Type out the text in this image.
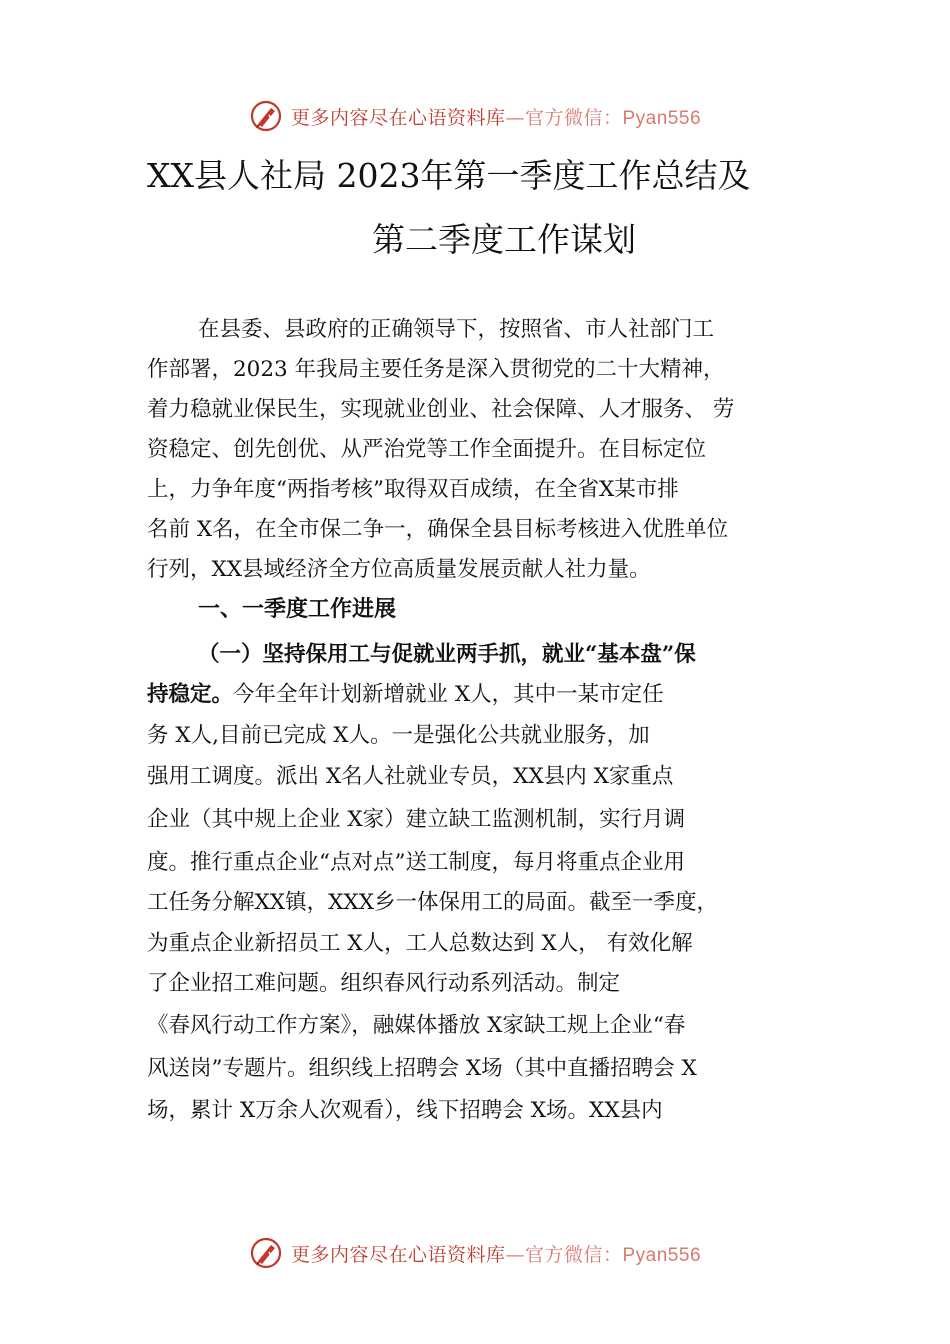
更多内容尽在心语资料库—官方微信：Pyan556
XX县人社局 2023年第一季度工作总结及
第二季度工作谋划
在县委、县政府的正确领导下，按照省、市人社部门工
作部署，2023 年我局主要任务是深入贯彻党的二十大精神，
着力稳就业保民生，实现就业创业、社会保障、人才服务、 劳
资稳定、创先创优、从严治党等工作全面提升。在目标定位
上，力争年度“两指考核”取得双百成绩，在全省X某市排
名前 X名，在全市保二争一，确保全县目标考核进入优胜单位
行列，XX县域经济全方位高质量发展贡献人社力量。
一、一季度工作进展
（一）坚持保用工与促就业两手抓，就业“基本盘”保
持稳定。今年全年计划新增就业 X人，其中一某市定任
务 X人,目前已完成 X人。一是强化公共就业服务，加
强用工调度。派出 X名人社就业专员，XX县内 X家重点
企业（其中规上企业 X家）建立缺工监测机制，实行月调
度。推行重点企业“点对点”送工制度，每月将重点企业用
工任务分解XX镇，XXX乡一体保用工的局面。截至一季度，
为重点企业新招员工 X人，工人总数达到 X人， 有效化解
了企业招工难问题。组织春风行动系列活动。制定
《春风行动工作方案》，融媒体播放 X家缺工规上企业“春
风送岗”专题片。组织线上招聘会 X场（其中直播招聘会 X
场，累计 X万余人次观看），线下招聘会 X场。XX县内
更多内容尽在心语资料库—官方微信：Pyan556
